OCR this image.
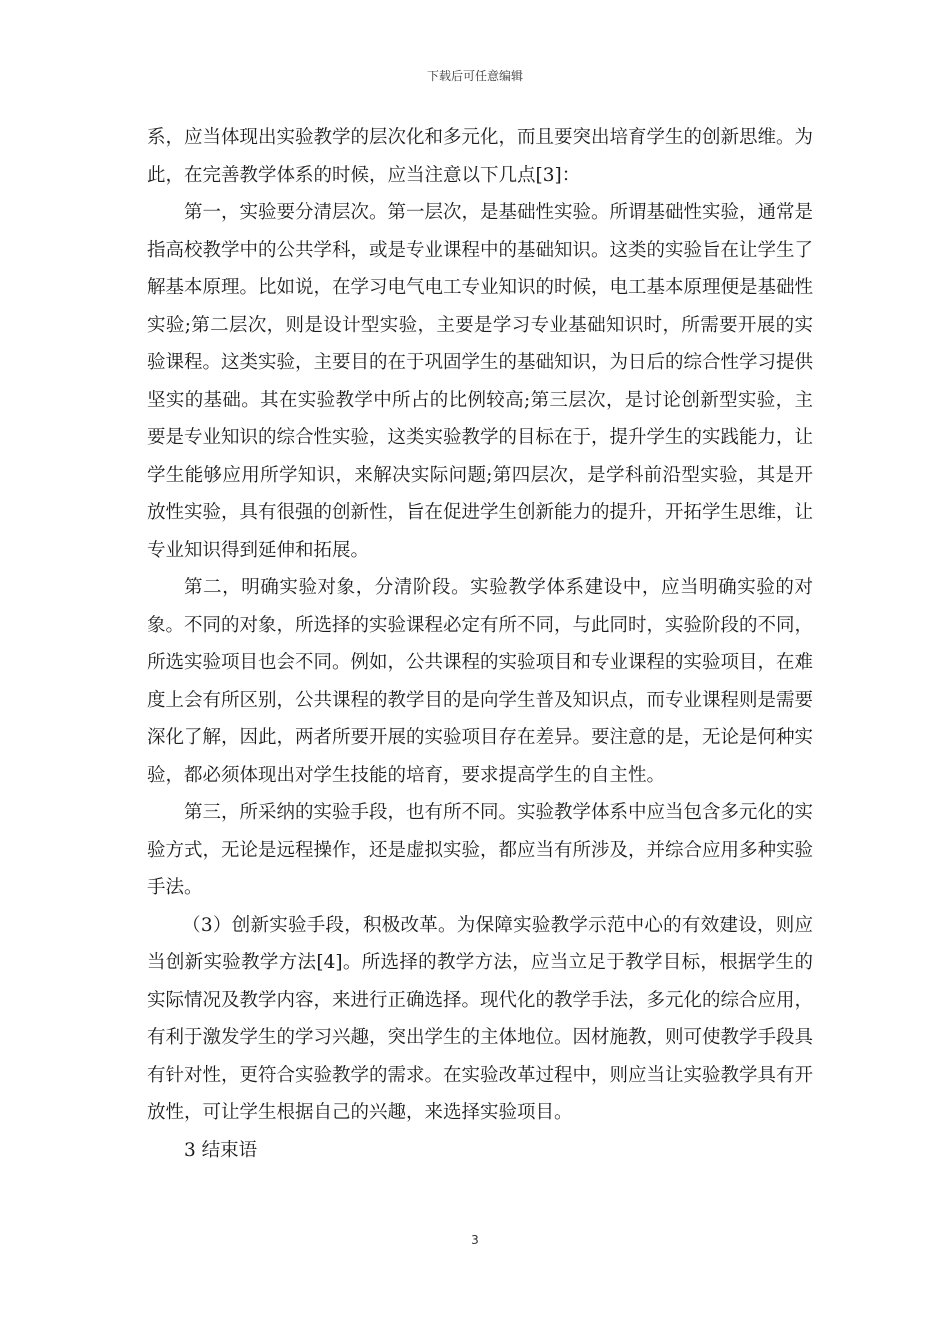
下载后可任意编辑

系，应当体现出实验教学的层次化和多元化，而且要突出培育学生的创新思维。为此，在完善教学体系的时候，应当注意以下几点[3]：

第一，实验要分清层次。第一层次，是基础性实验。所谓基础性实验，通常是指高校教学中的公共学科，或是专业课程中的基础知识。这类的实验旨在让学生了解基本原理。比如说，在学习电气电工专业知识的时候，电工基本原理便是基础性实验;第二层次，则是设计型实验，主要是学习专业基础知识时，所需要开展的实验课程。这类实验，主要目的在于巩固学生的基础知识，为日后的综合性学习提供坚实的基础。其在实验教学中所占的比例较高;第三层次，是讨论创新型实验，主要是专业知识的综合性实验，这类实验教学的目标在于，提升学生的实践能力，让学生能够应用所学知识，来解决实际问题;第四层次，是学科前沿型实验，其是开放性实验，具有很强的创新性，旨在促进学生创新能力的提升，开拓学生思维，让专业知识得到延伸和拓展。

第二，明确实验对象，分清阶段。实验教学体系建设中，应当明确实验的对象。不同的对象，所选择的实验课程必定有所不同，与此同时，实验阶段的不同，所选实验项目也会不同。例如，公共课程的实验项目和专业课程的实验项目，在难度上会有所区别，公共课程的教学目的是向学生普及知识点，而专业课程则是需要深化了解，因此，两者所要开展的实验项目存在差异。要注意的是，无论是何种实验，都必须体现出对学生技能的培育，要求提高学生的自主性。

第三，所采纳的实验手段，也有所不同。实验教学体系中应当包含多元化的实验方式，无论是远程操作，还是虚拟实验，都应当有所涉及，并综合应用多种实验手法。

（3）创新实验手段，积极改革。为保障实验教学示范中心的有效建设，则应当创新实验教学方法[4]。所选择的教学方法，应当立足于教学目标，根据学生的实际情况及教学内容，来进行正确选择。现代化的教学手法，多元化的综合应用，有利于激发学生的学习兴趣，突出学生的主体地位。因材施教，则可使教学手段具有针对性，更符合实验教学的需求。在实验改革过程中，则应当让实验教学具有开放性，可让学生根据自己的兴趣，来选择实验项目。

3 结束语

3
